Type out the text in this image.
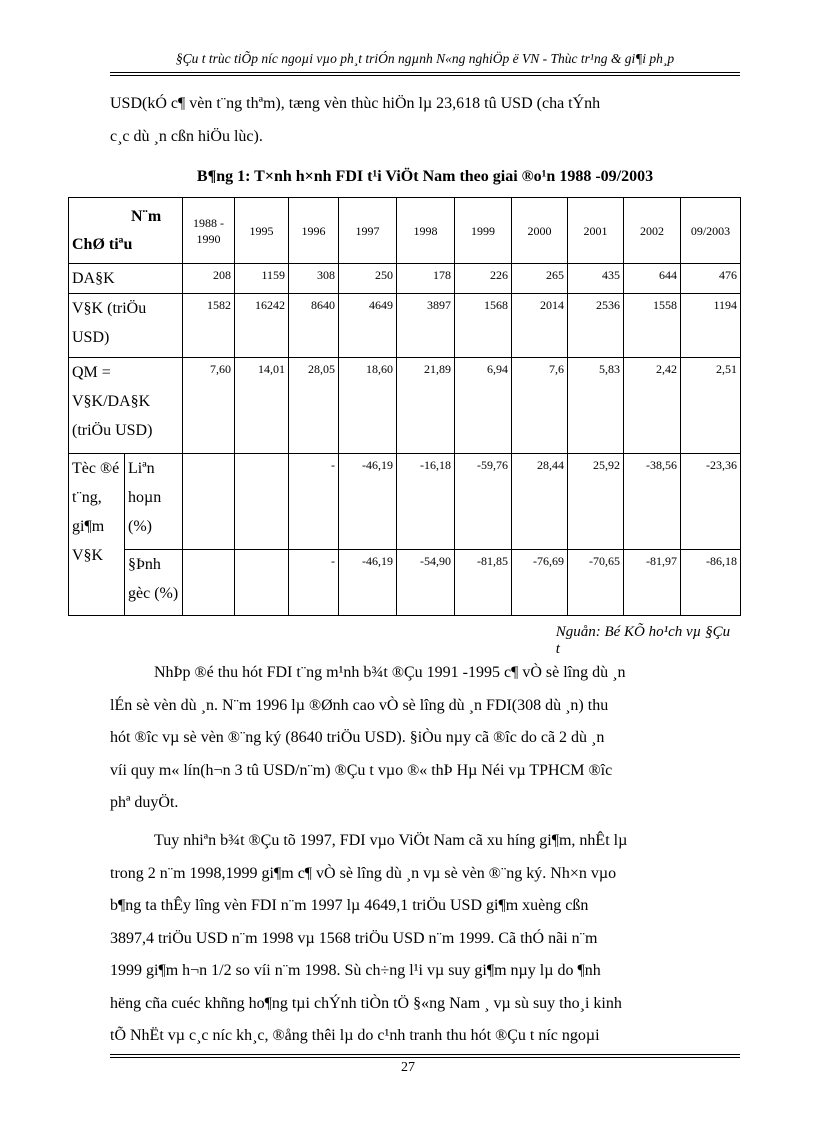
§Çu t trùc tiÕp níc ngoµi vµo ph¸t triÓn ngµnh N«ng nghiÖp ë VN - Thùc tr¹ng & gi¶i ph¸p
USD(kÓ c¶ vèn t¨ng thªm), tæng vèn thùc hiÖn lµ 23,618 tû USD (cha tÝnh
c¸c dù ¸n cßn hiÖu lùc).
B¶ng 1: T×nh h×nh FDI t¹i ViÖt Nam theo giai ®o¹n 1988 -09/2003
N¨m
ChØ tiªu		1988 - 1990	1995	1996	1997	1998	1999	2000	2001	2002	09/2003
DA§K		208	1159	308	250	178	226	265	435	644	476
V§K (triÖu USD)		1582	16242	8640	4649	3897	1568	2014	2536	1558	1194
QM = V§K/DA§K (triÖu USD)		7,60	14,01	28,05	18,60	21,89	6,94	7,6	5,83	2,42	2,51
Tèc ®é t¨ng, gi¶m V§K	Liªn hoµn (%)			-	-46,19	-16,18	-59,76	28,44	25,92	-38,56	-23,36
	§Þnh gèc (%)			-	-46,19	-54,90	-81,85	-76,69	-70,65	-81,97	-86,18
Nguån: Bé KÕ ho¹ch vµ §Çu t
NhÞp ®é thu hót FDI t¨ng m¹nh b¾t ®Çu 1991 -1995 c¶ vÒ sè lîng dù ¸n
lÉn sè vèn dù ¸n. N¨m 1996 lµ ®Ønh cao vÒ sè lîng dù ¸n FDI(308 dù ¸n) thu
hót ®îc vµ sè vèn ®¨ng ký (8640 triÖu USD). §iÒu nµy cã ®îc do cã 2 dù ¸n
víi quy m« lín(h¬n 3 tû USD/n¨m) ®Çu t vµo ®« thÞ Hµ Néi vµ TPHCM ®îc
phª duyÖt.
Tuy nhiªn b¾t ®Çu tõ 1997, FDI vµo ViÖt Nam cã xu híng gi¶m, nhÊt lµ
trong 2 n¨m 1998,1999 gi¶m c¶ vÒ sè lîng dù ¸n vµ sè vèn ®¨ng ký. Nh×n vµo
b¶ng ta thÊy lîng vèn FDI n¨m 1997 lµ 4649,1 triÖu USD gi¶m xuèng cßn
3897,4 triÖu USD n¨m 1998 vµ 1568 triÖu USD n¨m 1999. Cã thÓ nãi n¨m
1999 gi¶m h¬n 1/2 so víi n¨m 1998. Sù ch÷ng l¹i vµ suy gi¶m nµy lµ do ¶nh
hëng cña cuéc khñng ho¶ng tµi chÝnh tiÒn tÖ §«ng Nam ¸ vµ sù suy tho¸i kinh
tÕ NhËt vµ c¸c níc kh¸c, ®ång thêi lµ do c¹nh tranh thu hót ®Çu t níc ngoµi
27
